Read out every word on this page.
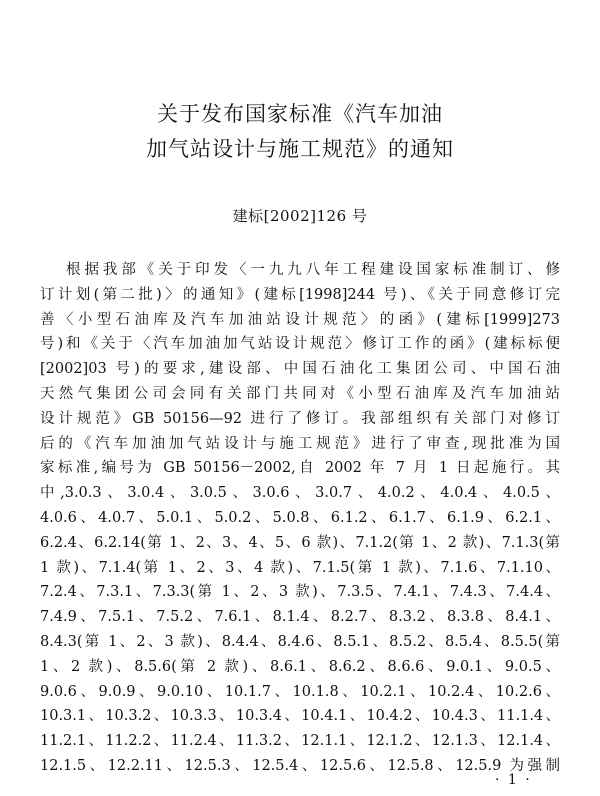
关于发布国家标准《汽车加油
加气站设计与施工规范》的通知
建标[2002]126 号
根据我部《关于印发〈一九九八年工程建设国家标准制订、修
订计划(第二批)〉的通知》(建标[1998]244 号)、《关于同意修订完
善〈小型石油库及汽车加油站设计规范〉的函》(建标[1999]273
号)和《关于〈汽车加油加气站设计规范〉修订工作的函》(建标标便
[2002]03 号)的要求,建设部、中国石油化工集团公司、中国石油
天然气集团公司会同有关部门共同对《小型石油库及汽车加油站
设计规范》GB 50156—92 进行了修订。我部组织有关部门对修订
后的《汽车加油加气站设计与施工规范》进行了审查,现批准为国
家标准,编号为 GB 50156－2002,自 2002 年 7 月 1 日起施行。其
中,3.0.3、3.0.4、3.0.5、3.0.6、3.0.7、4.0.2、4.0.4、4.0.5、
4.0.6、4.0.7、5.0.1、5.0.2、5.0.8、6.1.2、6.1.7、6.1.9、6.2.1、
6.2.4、6.2.14(第 1、2、3、4、5、6 款)、7.1.2(第 1、2 款)、7.1.3(第
1 款)、7.1.4(第 1、2、3、4 款)、7.1.5(第 1 款)、7.1.6、7.1.10、
7.2.4、7.3.1、7.3.3(第 1、2、3 款)、7.3.5、7.4.1、7.4.3、7.4.4、
7.4.9、7.5.1、7.5.2、7.6.1、8.1.4、8.2.7、8.3.2、8.3.8、8.4.1、
8.4.3(第 1、2、3 款)、8.4.4、8.4.6、8.5.1、8.5.2、8.5.4、8.5.5(第
1、2 款)、8.5.6(第 2 款)、8.6.1、8.6.2、8.6.6、9.0.1、9.0.5、
9.0.6、9.0.9、9.0.10、10.1.7、10.1.8、10.2.1、10.2.4、10.2.6、
10.3.1、10.3.2、10.3.3、10.3.4、10.4.1、10.4.2、10.4.3、11.1.4、
11.2.1、11.2.2、11.2.4、11.3.2、12.1.1、12.1.2、12.1.3、12.1.4、
12.1.5、12.2.11、12.5.3、12.5.4、12.5.6、12.5.8、12.5.9 为强制
· 1 ·
